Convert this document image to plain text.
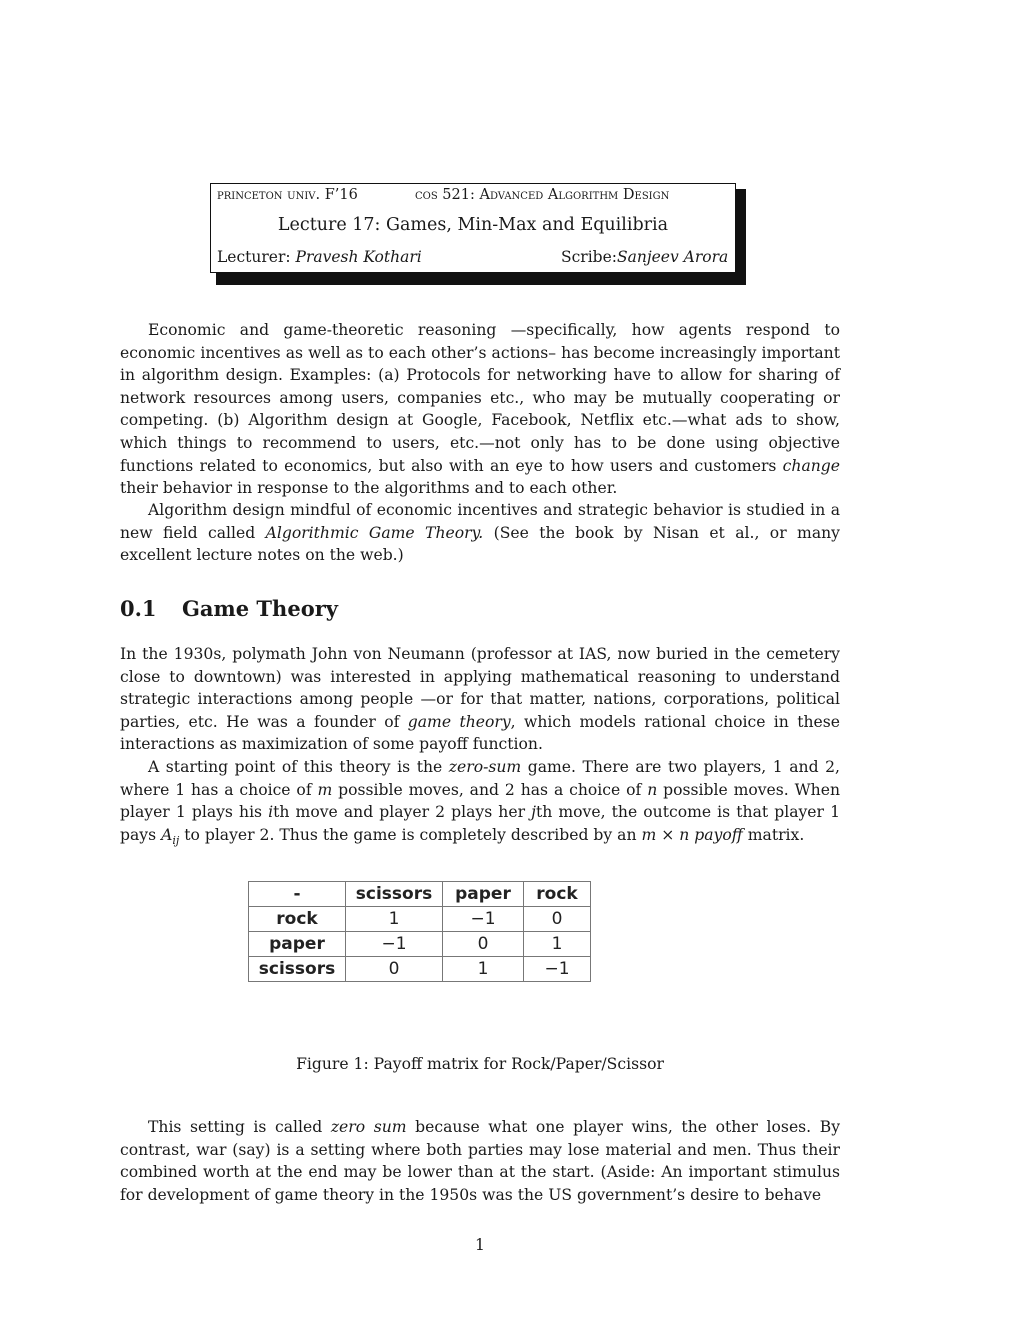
princeton univ. F’16	cos 521: Advanced Algorithm Design
Lecture 17: Games, Min-Max and Equilibria
Lecturer: Pravesh Kothari	Scribe:Sanjeev Arora
Economic and game-theoretic reasoning —specifically, how agents respond to economic incentives as well as to each other’s actions– has become increasingly important in algorithm design. Examples: (a) Protocols for networking have to allow for sharing of network resources among users, companies etc., who may be mutually cooperating or competing. (b) Algorithm design at Google, Facebook, Netflix etc.—what ads to show, which things to recommend to users, etc.—not only has to be done using objective functions related to economics, but also with an eye to how users and customers change their behavior in response to the algorithms and to each other.
Algorithm design mindful of economic incentives and strategic behavior is studied in a new field called Algorithmic Game Theory. (See the book by Nisan et al., or many excellent lecture notes on the web.)
0.1 Game Theory
In the 1930s, polymath John von Neumann (professor at IAS, now buried in the cemetery close to downtown) was interested in applying mathematical reasoning to understand strategic interactions among people —or for that matter, nations, corporations, political parties, etc. He was a founder of game theory, which models rational choice in these interactions as maximization of some payoff function.
A starting point of this theory is the zero-sum game. There are two players, 1 and 2, where 1 has a choice of m possible moves, and 2 has a choice of n possible moves. When player 1 plays his ith move and player 2 plays her jth move, the outcome is that player 1 pays $A_{ij}$ to player 2. Thus the game is completely described by an m × n payoff matrix.
-	scissors	paper	rock
rock	1	−1	0
paper	−1	0	1
scissors	0	1	−1
Figure 1: Payoff matrix for Rock/Paper/Scissor
This setting is called zero sum because what one player wins, the other loses. By contrast, war (say) is a setting where both parties may lose material and men. Thus their combined worth at the end may be lower than at the start. (Aside: An important stimulus for development of game theory in the 1950s was the US government’s desire to behave
1
